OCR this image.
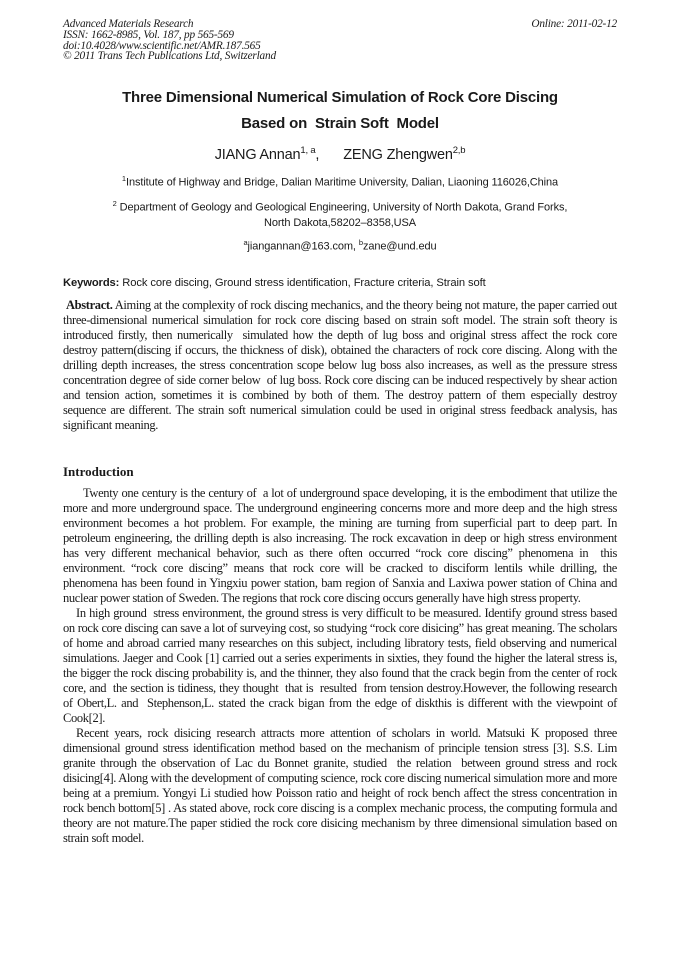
Advanced Materials Research
ISSN: 1662-8985, Vol. 187, pp 565-569
doi:10.4028/www.scientific.net/AMR.187.565
© 2011 Trans Tech Publications Ltd, Switzerland
Online: 2011-02-12
Three Dimensional Numerical Simulation of Rock Core Discing
Based on  Strain Soft  Model
JIANG Annan$^{1, a}$, ZENG Zhengwen$^{2,b}$
$^1$Institute of Highway and Bridge, Dalian Maritime University, Dalian, Liaoning 116026,China
$^2$ Department of Geology and Geological Engineering, University of North Dakota, Grand Forks,
North Dakota,58202–8358,USA
$^a$jiangannan@163.com, $^b$zane@und.edu
Keywords: Rock core discing, Ground stress identification, Fracture criteria, Strain soft
Abstract. Aiming at the complexity of rock discing mechanics, and the theory being not mature, the paper carried out three-dimensional numerical simulation for rock core discing based on strain soft model. The strain soft theory is introduced firstly, then numerically  simulated how the depth of lug boss and original stress affect the rock core destroy pattern(discing if occurs, the thickness of disk), obtained the characters of rock core discing. Along with the drilling depth increases, the stress concentration scope below lug boss also increases, as well as the pressure stress concentration degree of side corner below  of lug boss. Rock core discing can be induced respectively by shear action and tension action, sometimes it is combined by both of them. The destroy pattern of them especially destroy  sequence are different. The strain soft numerical simulation could be used in original stress feedback analysis, has significant meaning.
Introduction

Twenty one century is the century of  a lot of underground space developing, it is the embodiment that utilize the more and more underground space. The underground engineering concerns more and more deep and the high stress environment becomes a hot problem. For example, the mining are turning from superficial part to deep part. In petroleum engineering, the drilling depth is also increasing. The rock excavation in deep or high stress environment  has very different mechanical behavior, such as there often occurred “rock core discing” phenomena in  this environment. “rock core discing” means that rock core will be cracked to disciform lentils while drilling, the phenomena has been found in Yingxiu power station, bam region of Sanxia and Laxiwa power station of China and nuclear power station of Sweden. The regions that rock core discing occurs generally have high stress property.

In high ground  stress environment, the ground stress is very difficult to be measured. Identify ground stress based on rock core discing can save a lot of surveying cost, so studying “rock core disicing” has great meaning. The scholars of home and abroad carried many researches on this subject, including libratory tests, field observing and numerical simulations. Jaeger and Cook [1] carried out a series experiments in sixties, they found the higher the lateral stress is, the bigger the rock discing probability is, and the thinner, they also found that the crack begin from the center of rock core, and  the section is tidiness, they thought  that is  resulted  from tension destroy.However, the following research of Obert,L. and  Stephenson,L. stated the crack bigan from the edge of diskthis is different with the viewpoint of Cook[2].

Recent years, rock disicing research attracts more attention of scholars in world. Matsuki K proposed three dimensional ground stress identification method based on the mechanism of principle tension stress [3]. S.S. Lim granite through the observation of Lac du Bonnet granite, studied  the relation  between ground stress and rock disicing[4]. Along with the development of computing science, rock core discing numerical simulation more and more being at a premium. Yongyi Li studied how Poisson ratio and height of rock bench affect the stress concentration in rock bench bottom[5] . As stated above, rock core discing is a complex mechanic process, the computing formula and theory are not mature.The paper stidied the rock core disicing mechanism by three dimensional simulation based on strain soft model.
